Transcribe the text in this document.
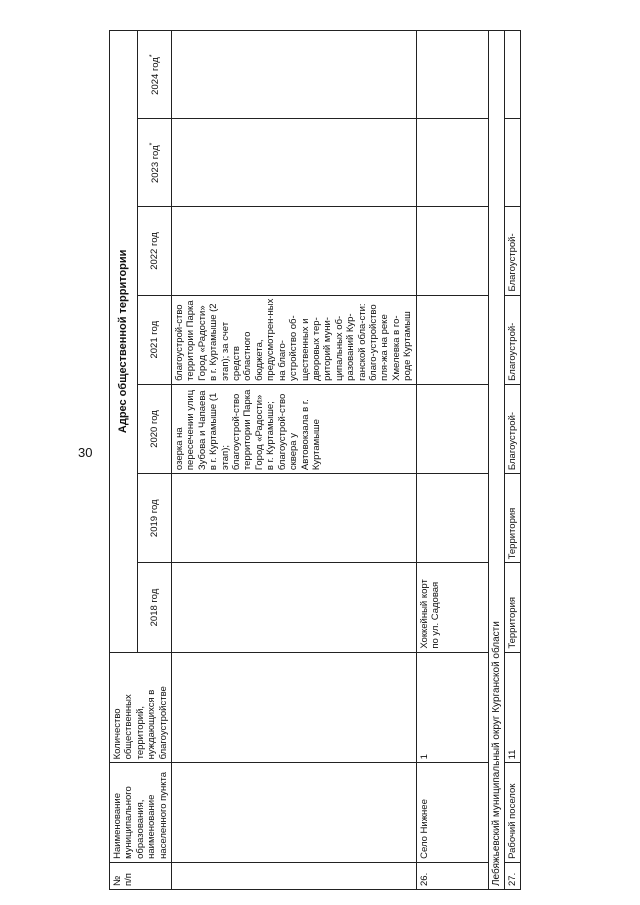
30
№ п/п	Наименование муниципального образования, наименование населенного пункта	Количество общественных территорий, нуждающихся в благоустройстве	Адрес общественной территории						
			2018 год	2019 год	2020 год	2021 год	2022 год	2023 год*	2024 год*
					озерка на пересечении улиц Зубова и Чапаева в г. Куртамыше (1 этап); благоустрой-ство территории Парка Город «Радости» в г. Куртамыше; благоустрой-ство сквера у Автовокзала в г. Куртамыше	благоустрой-ство территории Парка Город «Радости» в г. Куртамыше (2 этап); за счет средств областного бюджета, предусмотрен-ных на благо-устройство об-щественных и дворовых тер-риторий муни-ципальных об-разований Кур-ганской обла-сти: благо-устройство пля-жа на реке Хмелевка в го-роде Куртамыш			
26.	Село Нижнее	1	Хоккейный корт по ул. Садовая						
Лебяжьевский муниципальный округ Курганской области									
27.	Рабочий поселок	11	Территория	Территория	Благоустрой-	Благоустрой-	Благоустрой-		
